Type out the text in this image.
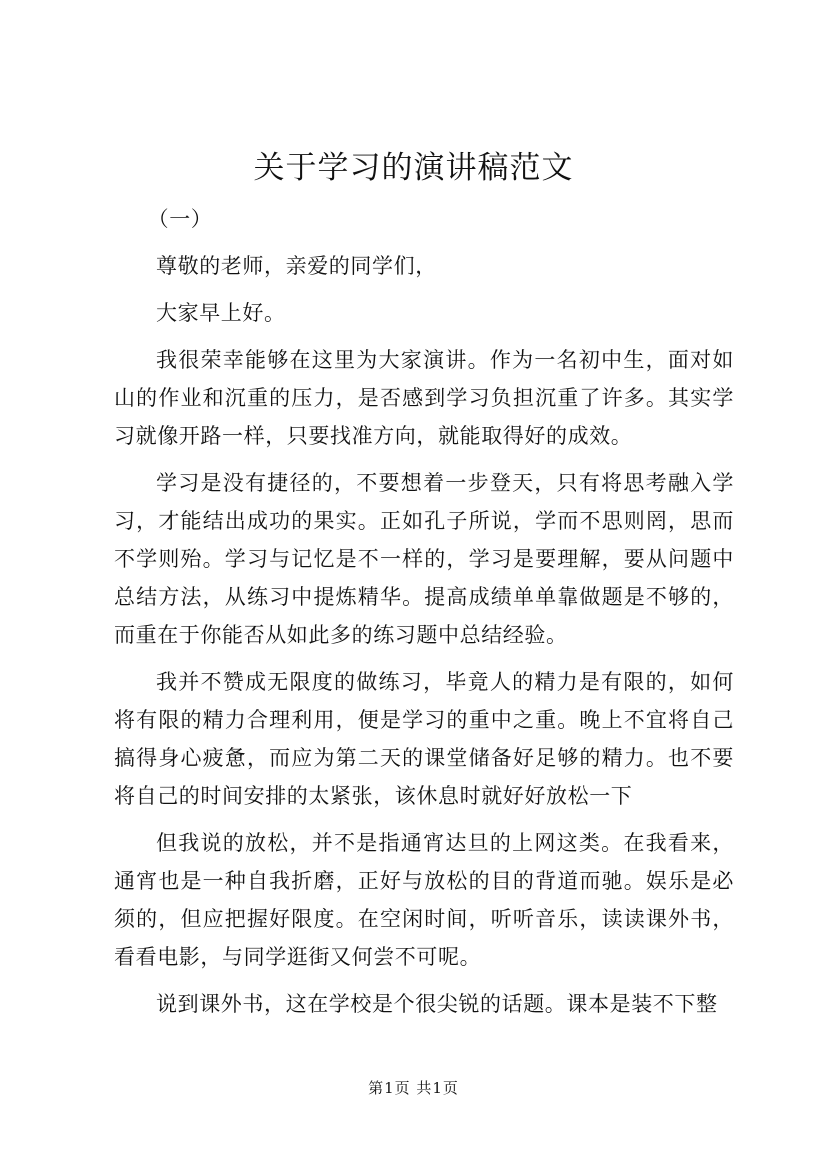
关于学习的演讲稿范文

（一）

尊敬的老师，亲爱的同学们，

大家早上好。

我很荣幸能够在这里为大家演讲。作为一名初中生，面对如山的作业和沉重的压力，是否感到学习负担沉重了许多。其实学习就像开路一样，只要找准方向，就能取得好的成效。

学习是没有捷径的，不要想着一步登天，只有将思考融入学习，才能结出成功的果实。正如孔子所说，学而不思则罔，思而不学则殆。学习与记忆是不一样的，学习是要理解，要从问题中总结方法，从练习中提炼精华。提高成绩单单靠做题是不够的，而重在于你能否从如此多的练习题中总结经验。

我并不赞成无限度的做练习，毕竟人的精力是有限的，如何将有限的精力合理利用，便是学习的重中之重。晚上不宜将自己搞得身心疲惫，而应为第二天的课堂储备好足够的精力。也不要将自己的时间安排的太紧张，该休息时就好好放松一下

但我说的放松，并不是指通宵达旦的上网这类。在我看来，通宵也是一种自我折磨，正好与放松的目的背道而驰。娱乐是必须的，但应把握好限度。在空闲时间，听听音乐，读读课外书，看看电影，与同学逛街又何尝不可呢。

说到课外书，这在学校是个很尖锐的话题。课本是装不下整

第1页 共1页
